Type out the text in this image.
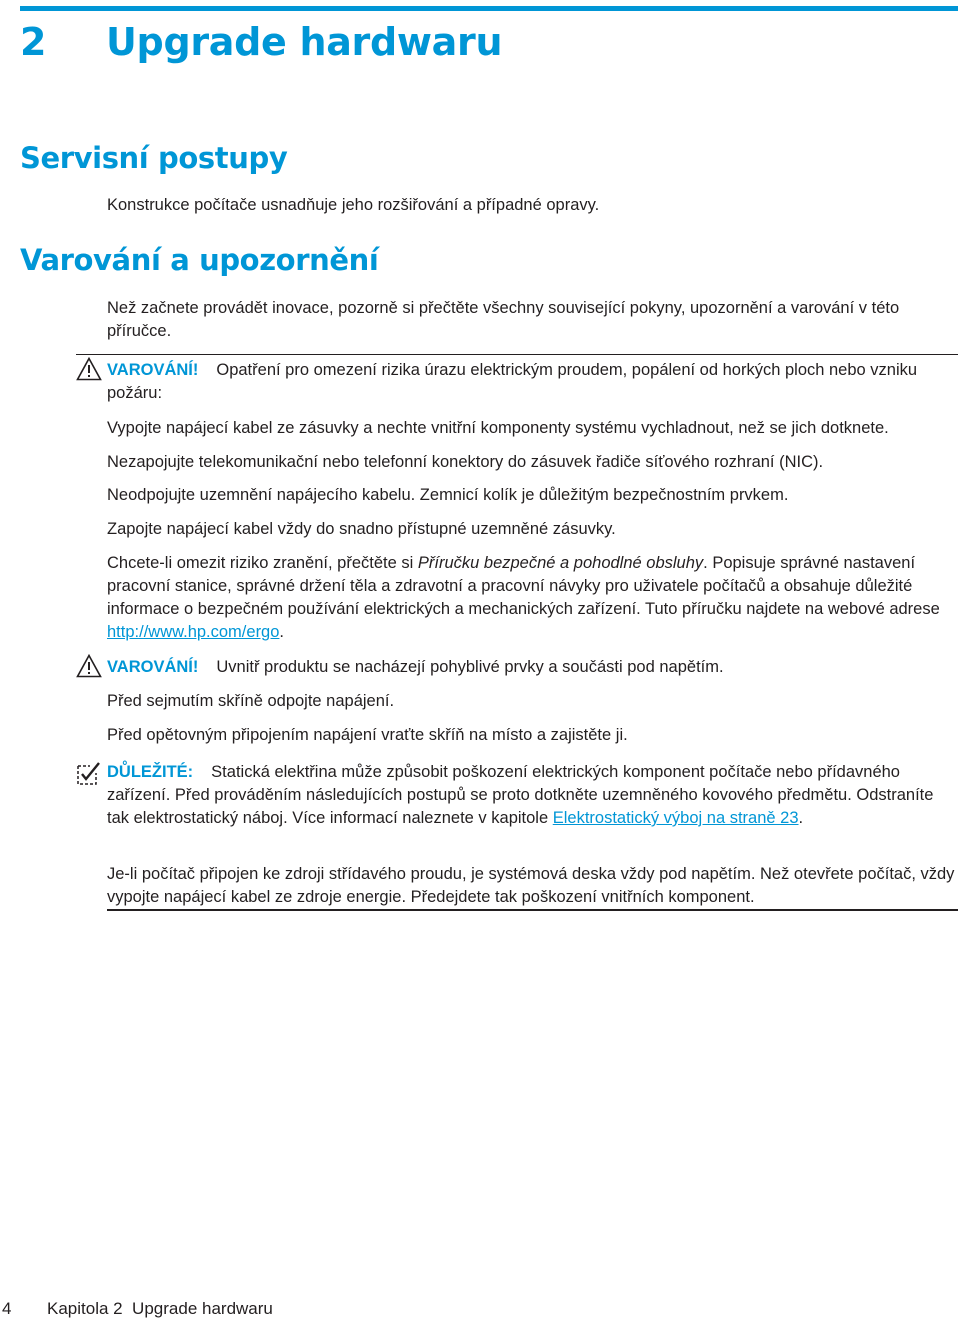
2 Upgrade hardwaru
Servisní postupy
Konstrukce počítače usnadňuje jeho rozšiřování a případné opravy.
Varování a upozornění
Než začnete provádět inovace, pozorně si přečtěte všechny související pokyny, upozornění a varování v této příručce.
VAROVÁNÍ! Opatření pro omezení rizika úrazu elektrickým proudem, popálení od horkých ploch nebo vzniku požáru:
Vypojte napájecí kabel ze zásuvky a nechte vnitřní komponenty systému vychladnout, než se jich dotknete.
Nezapojujte telekomunikační nebo telefonní konektory do zásuvek řadiče síťového rozhraní (NIC).
Neodpojujte uzemnění napájecího kabelu. Zemnicí kolík je důležitým bezpečnostním prvkem.
Zapojte napájecí kabel vždy do snadno přístupné uzemněné zásuvky.
Chcete-li omezit riziko zranění, přečtěte si Příručku bezpečné a pohodlné obsluhy. Popisuje správné nastavení pracovní stanice, správné držení těla a zdravotní a pracovní návyky pro uživatele počítačů a obsahuje důležité informace o bezpečném používání elektrických a mechanických zařízení. Tuto příručku najdete na webové adrese http://www.hp.com/ergo.
VAROVÁNÍ! Uvnitř produktu se nacházejí pohyblivé prvky a součásti pod napětím.
Před sejmutím skříně odpojte napájení.
Před opětovným připojením napájení vraťte skříň na místo a zajistěte ji.
DŮLEŽITÉ: Statická elektřina může způsobit poškození elektrických komponent počítače nebo přídavného zařízení. Před prováděním následujících postupů se proto dotkněte uzemněného kovového předmětu. Odstraníte tak elektrostatický náboj. Více informací naleznete v kapitole Elektrostatický výboj na straně 23.
Je-li počítač připojen ke zdroji střídavého proudu, je systémová deska vždy pod napětím. Než otevřete počítač, vždy vypojte napájecí kabel ze zdroje energie. Předejdete tak poškození vnitřních komponent.
4 Kapitola 2  Upgrade hardwaru
